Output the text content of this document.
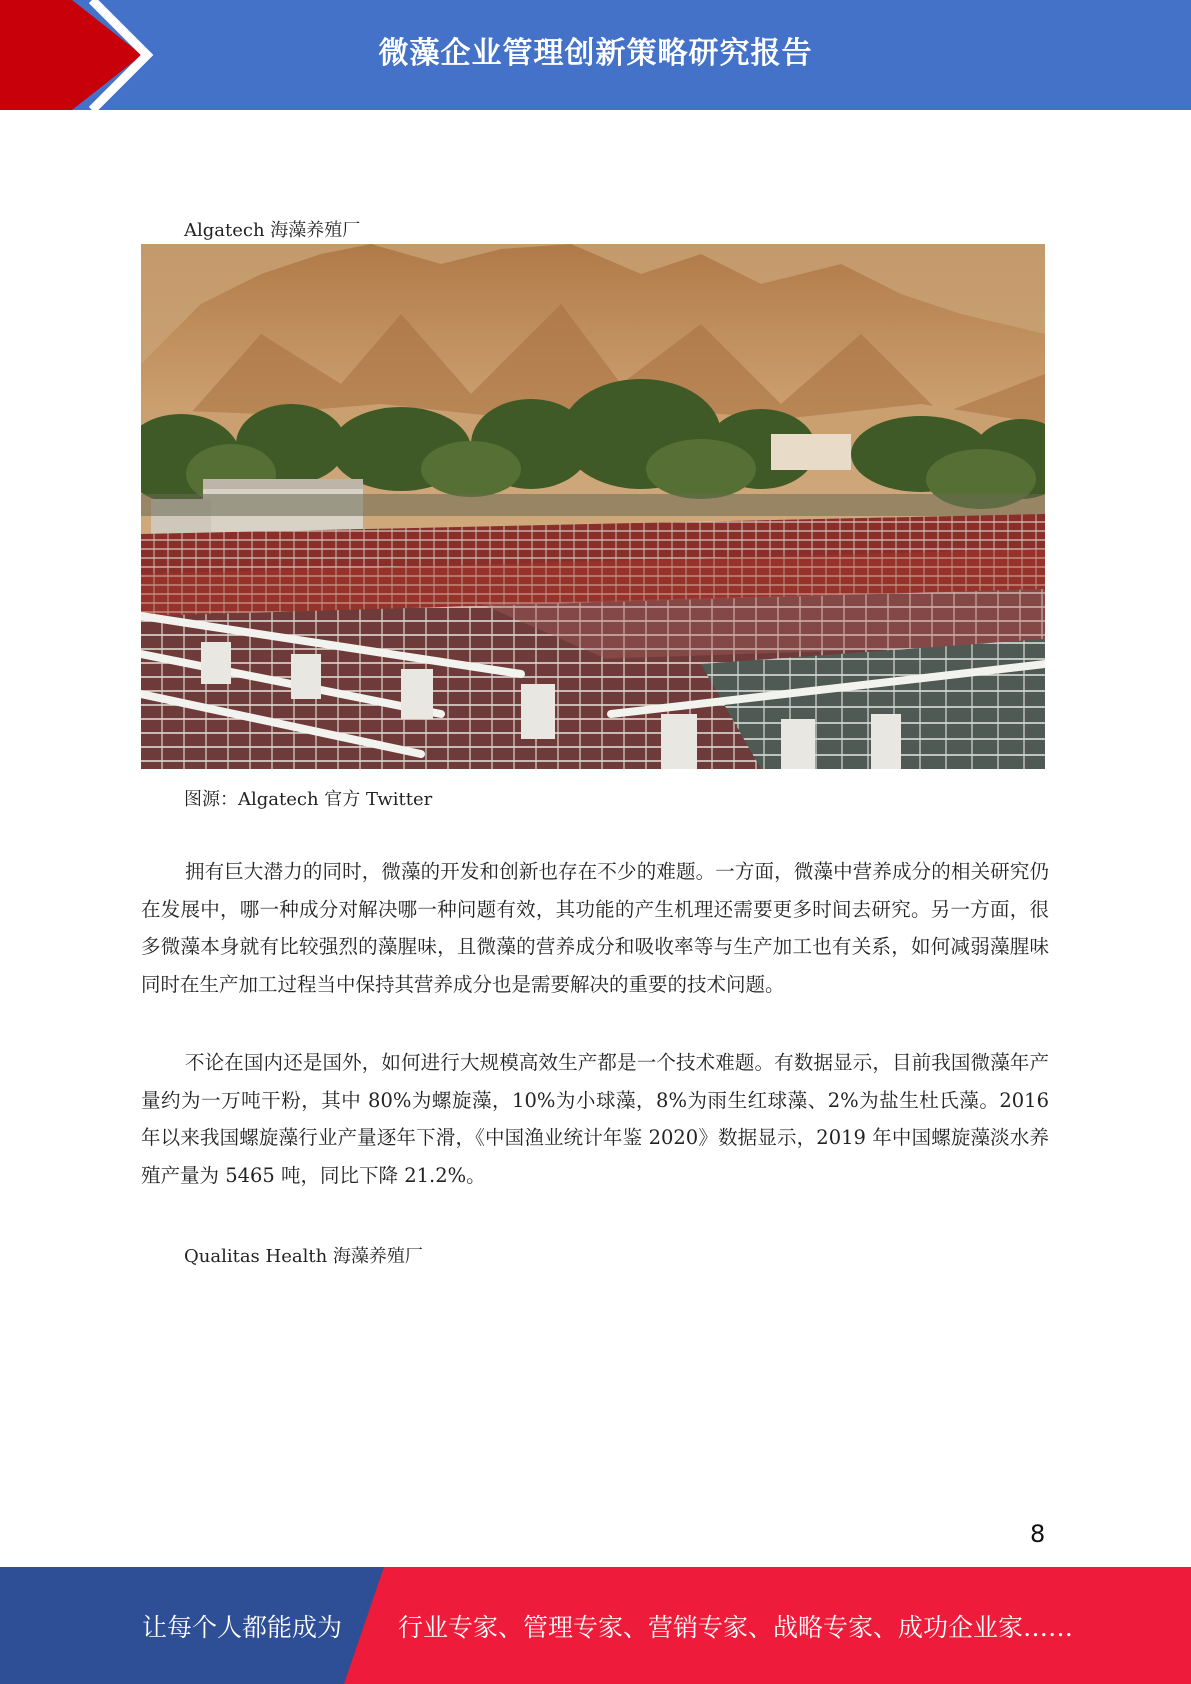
微藻企业管理创新策略研究报告
Algatech 海藻养殖厂
图源：Algatech 官方 Twitter

拥有巨大潜力的同时，微藻的开发和创新也存在不少的难题。一方面，微藻中营养成分的相关研究仍在发展中，哪一种成分对解决哪一种问题有效，其功能的产生机理还需要更多时间去研究。另一方面，很多微藻本身就有比较强烈的藻腥味，且微藻的营养成分和吸收率等与生产加工也有关系，如何减弱藻腥味同时在生产加工过程当中保持其营养成分也是需要解决的重要的技术问题。

不论在国内还是国外，如何进行大规模高效生产都是一个技术难题。有数据显示，目前我国微藻年产量约为一万吨干粉，其中 80%为螺旋藻，10%为小球藻，8%为雨生红球藻、2%为盐生杜氏藻。2016 年以来我国螺旋藻行业产量逐年下滑，《中国渔业统计年鉴 2020》数据显示，2019 年中国螺旋藻淡水养殖产量为 5465 吨，同比下降 21.2%。

Qualitas Health 海藻养殖厂
8
让每个人都能成为 行业专家、管理专家、营销专家、战略专家、成功企业家……
